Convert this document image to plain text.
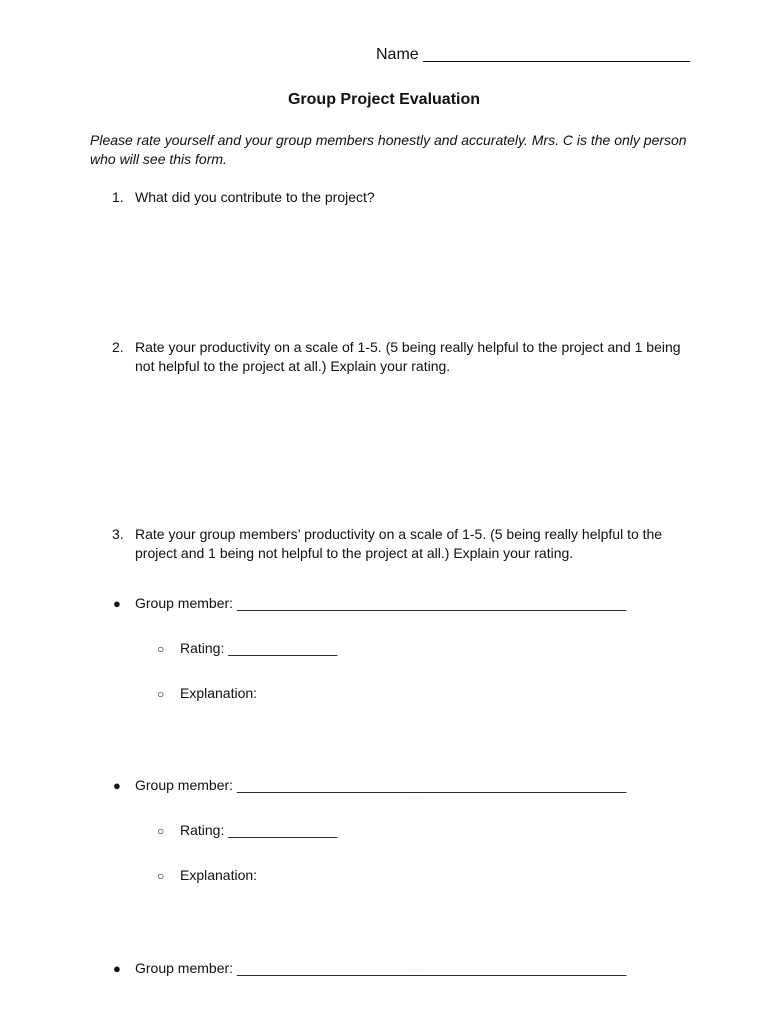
Name ______________________________
Group Project Evaluation
Please rate yourself and your group members honestly and accurately. Mrs. C is the only person who will see this form.
1. What did you contribute to the project?
2. Rate your productivity on a scale of 1-5. (5 being really helpful to the project and 1 being not helpful to the project at all.) Explain your rating.
3. Rate your group members’ productivity on a scale of 1-5. (5 being really helpful to the project and 1 being not helpful to the project at all.) Explain your rating.
● Group member: __________________________________________________
○ Rating: ______________
○ Explanation:
● Group member: __________________________________________________
○ Rating: ______________
○ Explanation:
● Group member: __________________________________________________
